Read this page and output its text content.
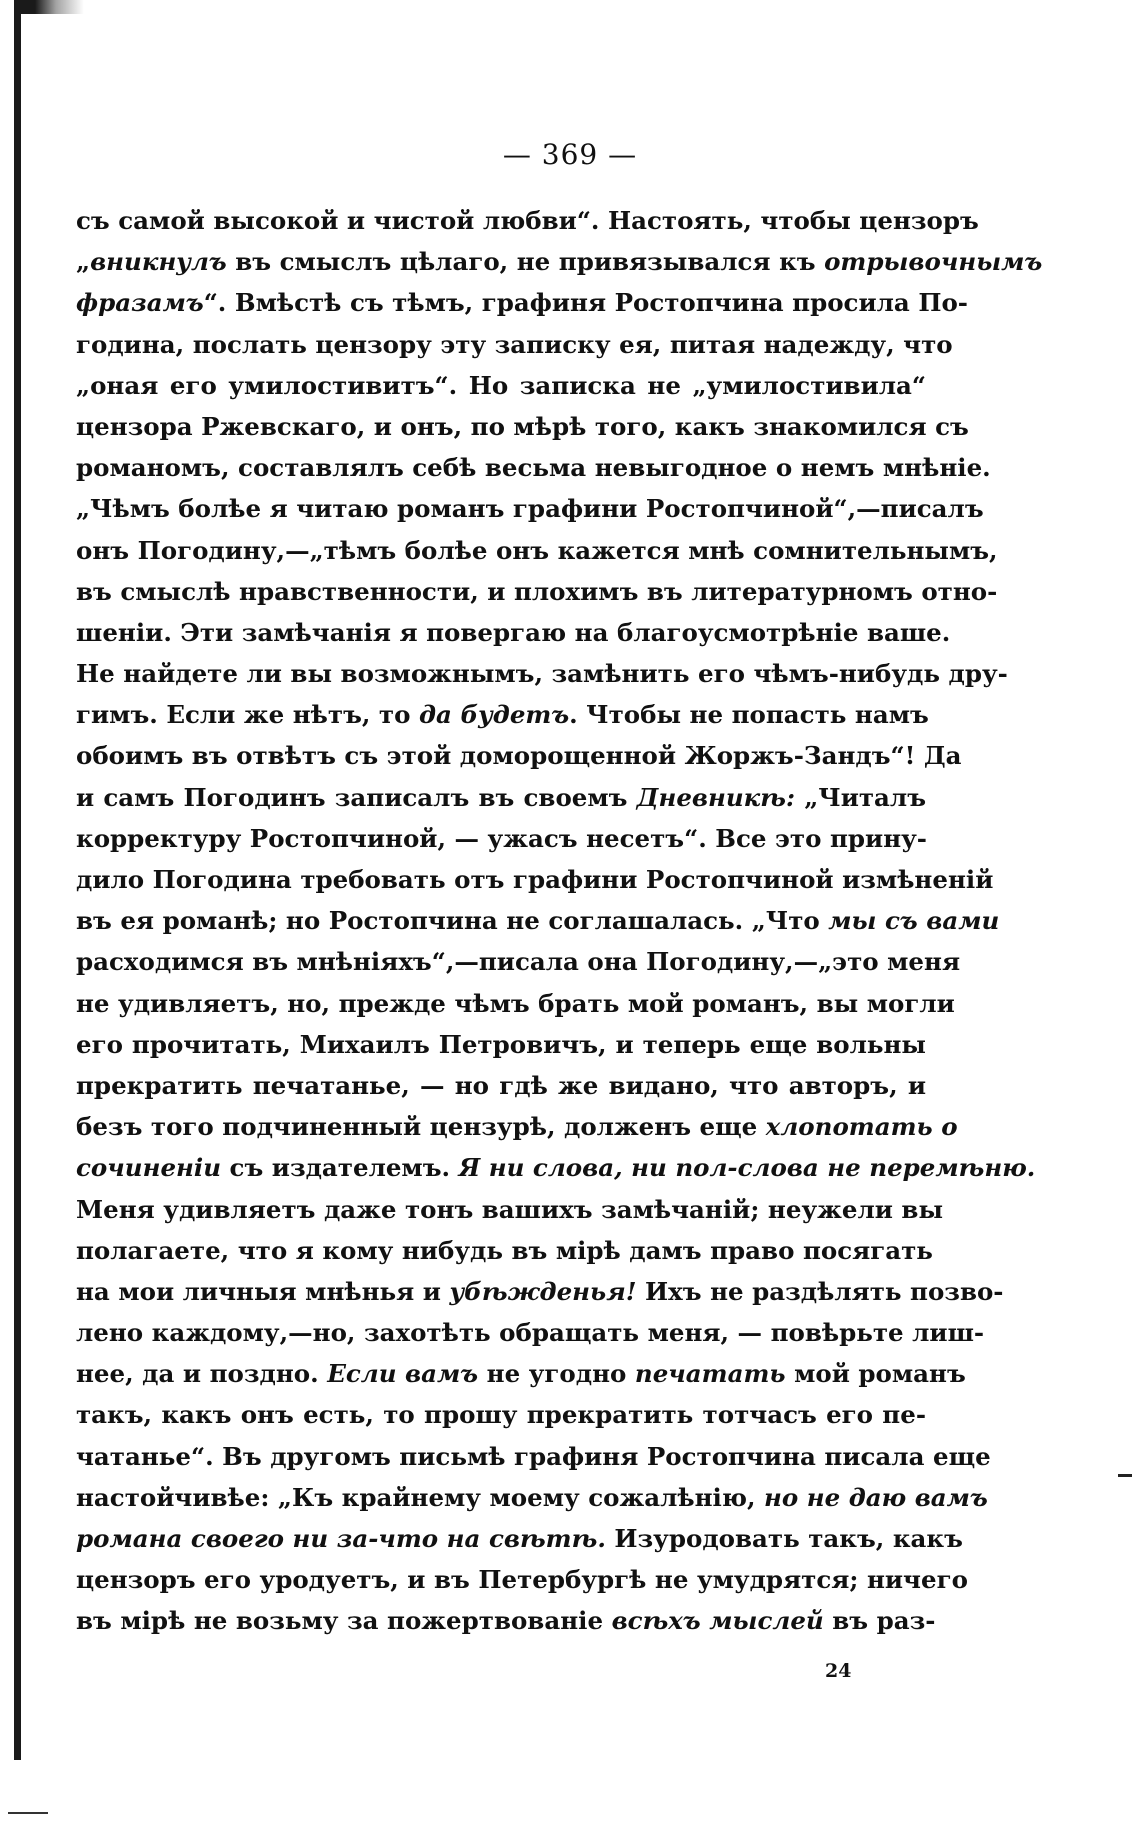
— 369 —
съ самой высокой и чистой любви“. Настоять, чтобы цензоръ
„вникнулъ въ смыслъ цѣлаго, не привязывался къ отрывочнымъ
фразамъ“. Вмѣстѣ съ тѣмъ, графиня Ростопчина просила По-
година, послать цензору эту записку ея, питая надежду, что
„оная его умилостивитъ“. Но записка не „умилостивила“
цензора Ржевскаго, и онъ, по мѣрѣ того, какъ знакомился съ
романомъ, составлялъ себѣ весьма невыгодное о немъ мнѣніе.
„Чѣмъ болѣе я читаю романъ графини Ростопчиной“,—писалъ
онъ Погодину,—„тѣмъ болѣе онъ кажется мнѣ сомнительнымъ,
въ смыслѣ нравственности, и плохимъ въ литературномъ отно-
шеніи. Эти замѣчанія я повергаю на благоусмотрѣніе ваше.
Не найдете ли вы возможнымъ, замѣнить его чѣмъ-нибудь дру-
гимъ. Если же нѣтъ, то да будетъ. Чтобы не попасть намъ
обоимъ въ отвѣтъ съ этой доморощенной Жоржъ-Зандъ“! Да
и самъ Погодинъ записалъ въ своемъ Дневникѣ: „Читалъ
корректуру Ростопчиной, — ужасъ несетъ“. Все это прину-
дило Погодина требовать отъ графини Ростопчиной измѣненій
въ ея романѣ; но Ростопчина не соглашалась. „Что мы съ вами
расходимся въ мнѣніяхъ“,—писала она Погодину,—„это меня
не удивляетъ, но, прежде чѣмъ брать мой романъ, вы могли
его прочитать, Михаилъ Петровичъ, и теперь еще вольны
прекратить печатанье, — но гдѣ же видано, что авторъ, и
безъ того подчиненный цензурѣ, долженъ еще хлопотать о
сочиненіи съ издателемъ. Я ни слова, ни пол-слова не перемѣню.
Меня удивляетъ даже тонъ вашихъ замѣчаній; неужели вы
полагаете, что я кому нибудь въ мірѣ дамъ право посягать
на мои личныя мнѣнья и убѣжденья! Ихъ не раздѣлять позво-
лено каждому,—но, захотѣть обращать меня, — повѣрьте лиш-
нее, да и поздно. Если вамъ не угодно печатать мой романъ
такъ, какъ онъ есть, то прошу прекратить тотчасъ его пе-
чатанье“. Въ другомъ письмѣ графиня Ростопчина писала еще
настойчивѣе: „Къ крайнему моему сожалѣнію, но не даю вамъ
романа своего ни за-что на свѣтѣ. Изуродовать такъ, какъ
цензоръ его уродуетъ, и въ Петербургѣ не умудрятся; ничего
въ мірѣ не возьму за пожертвованіе всѣхъ мыслей въ раз-
24
